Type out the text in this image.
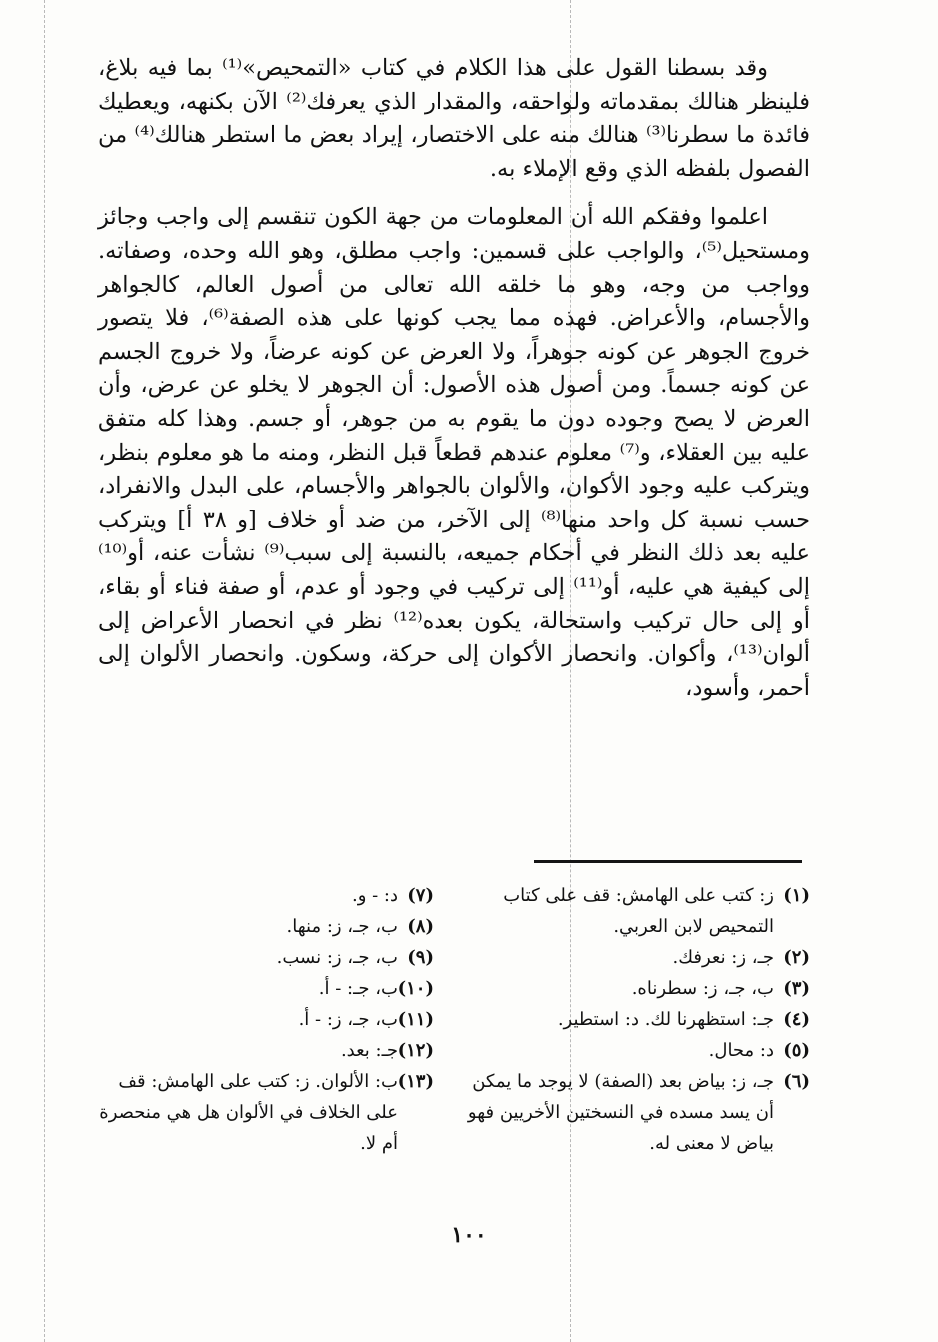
وقد بسطنا القول على هذا الكلام في كتاب «التمحيص»⁽¹⁾ بما فيه بلاغ، فلينظر هنالك بمقدماته ولواحقه، والمقدار الذي يعرفك⁽²⁾ الآن بكنهه، ويعطيك فائدة ما سطرنا⁽³⁾ هنالك منه على الاختصار، إيراد بعض ما استطر هنالك⁽⁴⁾ من الفصول بلفظه الذي وقع الإملاء به.

اعلموا وفقكم الله أن المعلومات من جهة الكون تنقسم إلى واجب وجائز ومستحيل⁽⁵⁾، والواجب على قسمين: واجب مطلق، وهو الله وحده، وصفاته. وواجب من وجه، وهو ما خلقه الله تعالى من أصول العالم، كالجواهر والأجسام، والأعراض. فهذه مما يجب كونها على هذه الصفة⁽⁶⁾، فلا يتصور خروج الجوهر عن كونه جوهراً، ولا العرض عن كونه عرضاً، ولا خروج الجسم عن كونه جسماً. ومن أصول هذه الأصول: أن الجوهر لا يخلو عن عرض، وأن العرض لا يصح وجوده دون ما يقوم به من جوهر، أو جسم. وهذا كله متفق عليه بين العقلاء، و⁽⁷⁾ معلوم عندهم قطعاً قبل النظر، ومنه ما هو معلوم بنظر، ويتركب عليه وجود الأكوان، والألوان بالجواهر والأجسام، على البدل والانفراد، حسب نسبة كل واحد منها⁽⁸⁾ إلى الآخر، من ضد أو خلاف [و ٣٨ أ] ويتركب عليه بعد ذلك النظر في أحكام جميعه، بالنسبة إلى سبب⁽⁹⁾ نشأت عنه، أو⁽¹⁰⁾ إلى كيفية هي عليه، أو⁽¹¹⁾ إلى تركيب في وجود أو عدم، أو صفة فناء أو بقاء، أو إلى حال تركيب واستحالة، يكون بعده⁽¹²⁾ نظر في انحصار الأعراض إلى ألوان⁽¹³⁾، وأكوان. وانحصار الأكوان إلى حركة، وسكون. وانحصار الألوان إلى أحمر، وأسود،

(١)
ز: كتب على الهامش: قف على كتاب التمحيص لابن العربي.
(٢)
جـ، ز: نعرفك.
(٣)
ب، جـ، ز: سطرناه.
(٤)
جـ: استظهرنا لك. د: استطير.
(٥)
د: محال.
(٦)
جـ، ز: بياض بعد (الصفة) لا يوجد ما يمكن أن يسد مسده في النسختين الأخريين فهو بياض لا معنى له.
(٧)
د: - و.
(٨)
ب، جـ، ز: منها.
(٩)
ب، جـ، ز: نسب.
(١٠)
ب، جـ: - أ.
(١١)
ب، جـ، ز: - أ.
(١٢)
جـ: بعد.
(١٣)
ب: الألوان. ز: كتب على الهامش: قف على الخلاف في الألوان هل هي منحصرة أم لا.
١٠٠
